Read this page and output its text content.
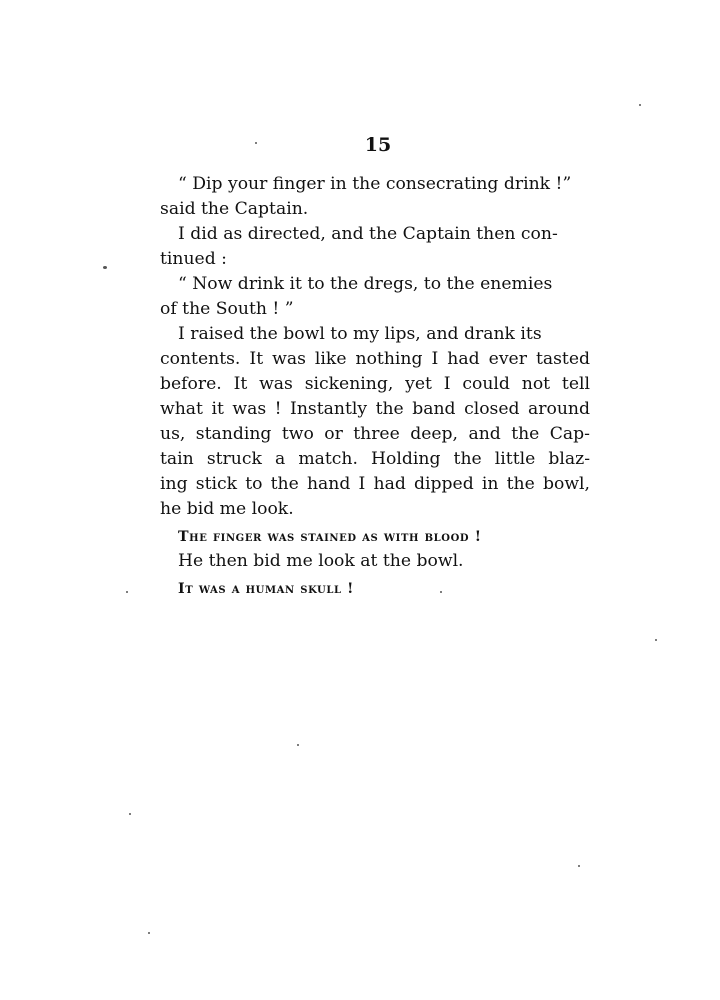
15
“ Dip your finger in the consecrating drink !”
said the Captain.
I did as directed, and the Captain then con-
tinued :
“ Now drink it to the dregs, to the enemies
of the South ! ”
I raised the bowl to my lips, and drank its
contents. It was like nothing I had ever tasted
before. It was sickening, yet I could not tell
what it was ! Instantly the band closed around
us, standing two or three deep, and the Cap-
tain struck a match. Holding the little blaz-
ing stick to the hand I had dipped in the bowl,
he bid me look.
The finger was stained as with blood !
He then bid me look at the bowl.
It was a human skull !
